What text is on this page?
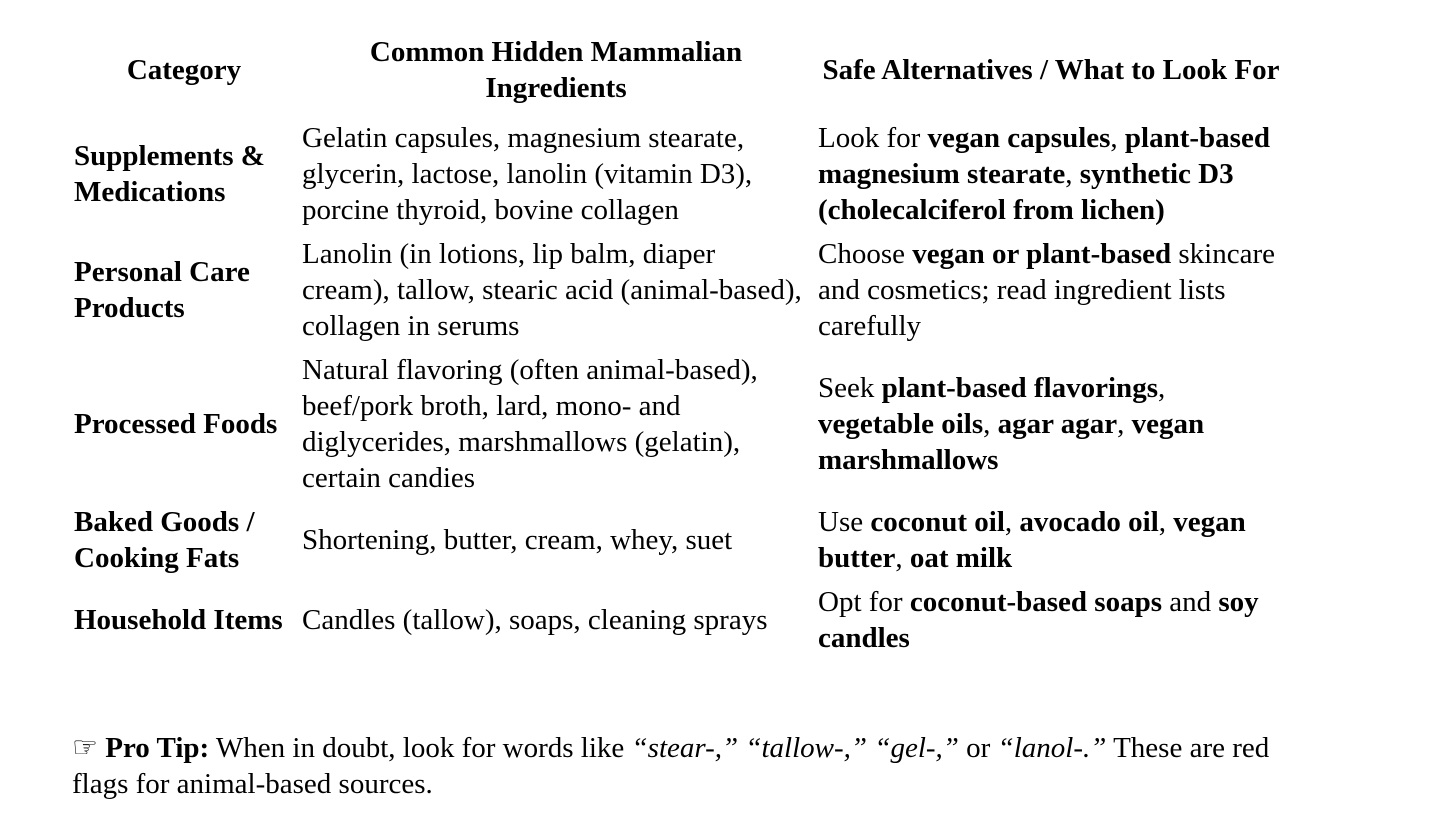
Category	Common Hidden Mammalian Ingredients	Safe Alternatives / What to Look For
Supplements & Medications	Gelatin capsules, magnesium stearate, glycerin, lactose, lanolin (vitamin D3), porcine thyroid, bovine collagen	Look for vegan capsules, plant-based magnesium stearate, synthetic D3 (cholecalciferol from lichen)
Personal Care Products	Lanolin (in lotions, lip balm, diaper cream), tallow, stearic acid (animal-based), collagen in serums	Choose vegan or plant-based skincare and cosmetics; read ingredient lists carefully
Processed Foods	Natural flavoring (often animal-based), beef/pork broth, lard, mono- and diglycerides, marshmallows (gelatin), certain candies	Seek plant-based flavorings, vegetable oils, agar agar, vegan marshmallows
Baked Goods / Cooking Fats	Shortening, butter, cream, whey, suet	Use coconut oil, avocado oil, vegan butter, oat milk
Household Items	Candles (tallow), soaps, cleaning sprays	Opt for coconut-based soaps and soy candles
☞ Pro Tip: When in doubt, look for words like “stear-,” “tallow-,” “gel-,” or “lanol-.” These are red flags for animal-based sources.
